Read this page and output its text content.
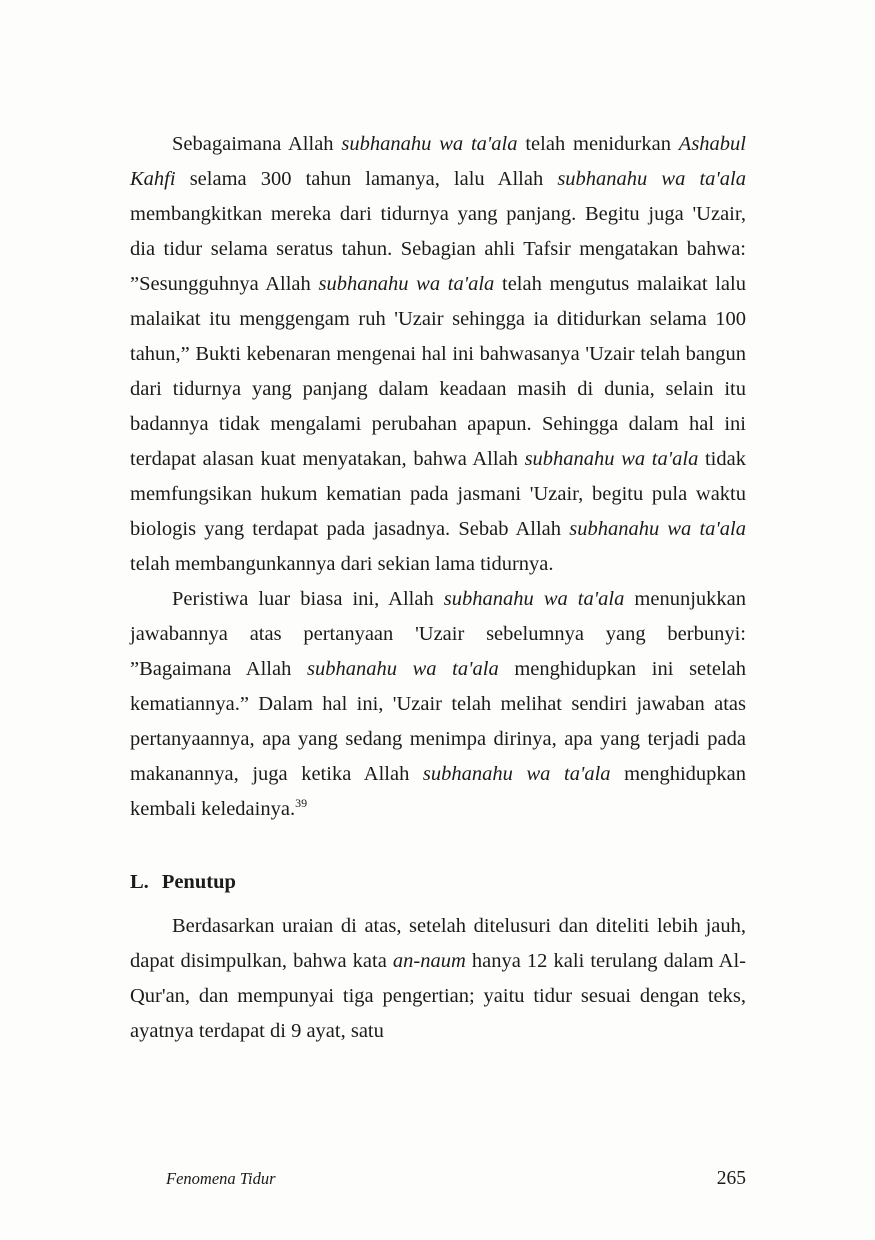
Sebagaimana Allah subhanahu wa ta'ala telah menidurkan Ashabul Kahfi selama 300 tahun lamanya, lalu Allah subhanahu wa ta'ala membangkitkan mereka dari tidurnya yang panjang. Begitu juga 'Uzair, dia tidur selama seratus tahun. Sebagian ahli Tafsir mengatakan bahwa: ”Sesungguhnya Allah subhanahu wa ta'ala telah mengutus malaikat lalu malaikat itu menggengam ruh 'Uzair sehingga ia ditidurkan selama 100 tahun,” Bukti kebenaran mengenai hal ini bahwasanya 'Uzair telah bangun dari tidurnya yang panjang dalam keadaan masih di dunia, selain itu badannya tidak mengalami perubahan apapun. Sehingga dalam hal ini terdapat alasan kuat menyatakan, bahwa Allah subhanahu wa ta'ala tidak memfungsikan hukum kematian pada jasmani 'Uzair, begitu pula waktu biologis yang terdapat pada jasadnya. Sebab Allah subhanahu wa ta'ala telah membangunkannya dari sekian lama tidurnya.

Peristiwa luar biasa ini, Allah subhanahu wa ta'ala menunjukkan jawabannya atas pertanyaan 'Uzair sebelumnya yang berbunyi: ”Bagaimana Allah subhanahu wa ta'ala menghidupkan ini setelah kematiannya.” Dalam hal ini, 'Uzair telah melihat sendiri jawaban atas pertanyaannya, apa yang sedang menimpa dirinya, apa yang terjadi pada makanannya, juga ketika Allah subhanahu wa ta'ala menghidupkan kembali keledainya.$^{39}$

L. Penutup

Berdasarkan uraian di atas, setelah ditelusuri dan diteliti lebih jauh, dapat disimpulkan, bahwa kata an-naum hanya 12 kali terulang dalam Al-Qur'an, dan mempunyai tiga pengertian; yaitu tidur sesuai dengan teks, ayatnya terdapat di 9 ayat, satu

Fenomena Tidur	265
